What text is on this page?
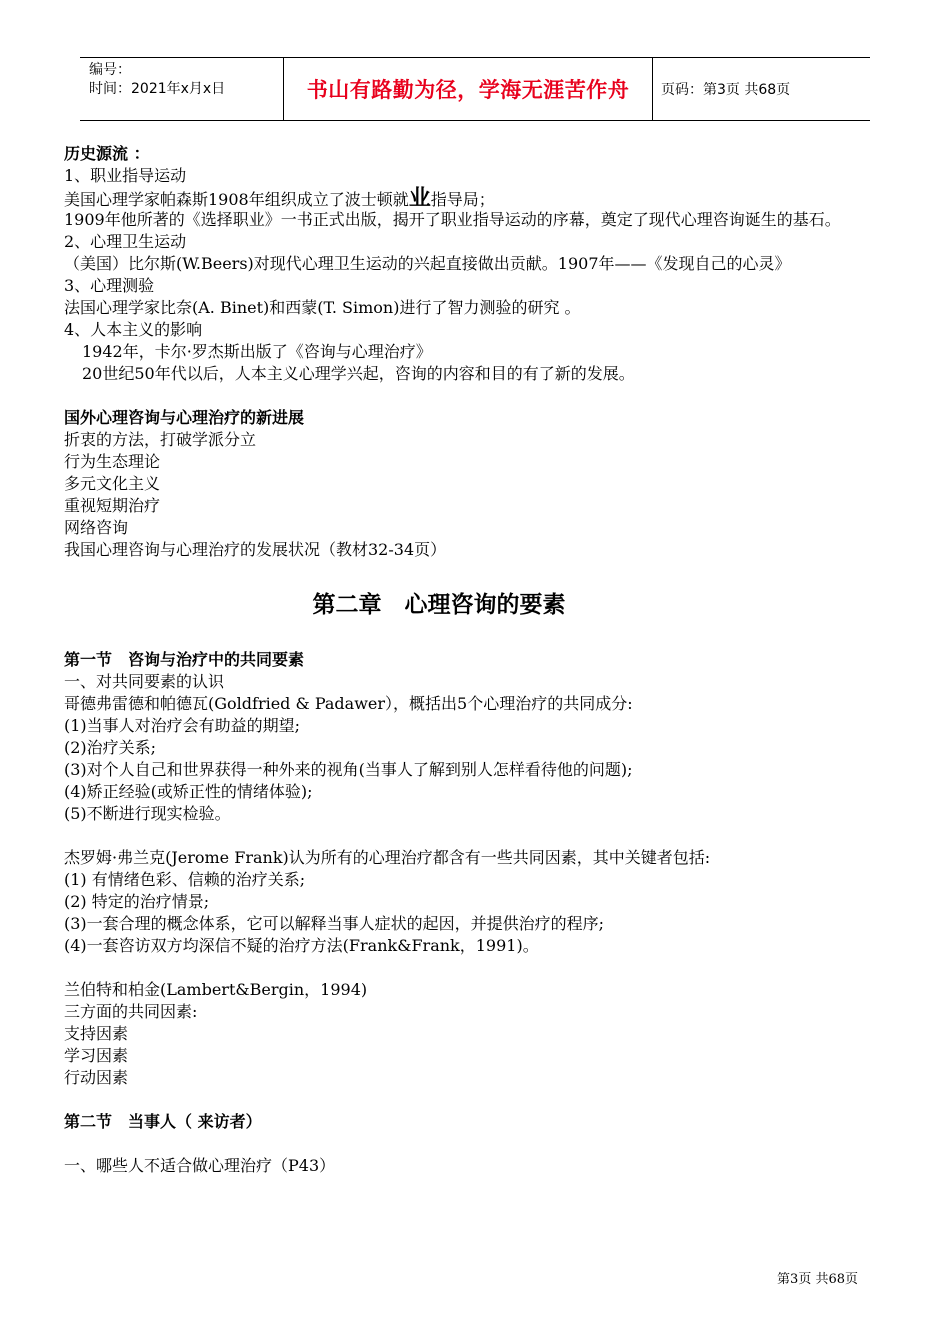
编号：
时间：2021年x月x日	书山有路勤为径，学海无涯苦作舟	页码：第3页 共68页
历史源流 ：
1、职业指导运动
美国心理学家帕森斯1908年组织成立了波士顿就业指导局；
1909年他所著的《选择职业》一书正式出版，揭开了职业指导运动的序幕，奠定了现代心理咨询诞生的基石。
2、心理卫生运动
（美国）比尔斯(W.Beers)对现代心理卫生运动的兴起直接做出贡献。1907年——《发现自己的心灵》
3、心理测验
法国心理学家比奈(A. Binet)和西蒙(T. Simon)进行了智力测验的研究 。
4、人本主义的影响
1942年，卡尔·罗杰斯出版了《咨询与心理治疗》
20世纪50年代以后，人本主义心理学兴起，咨询的内容和目的有了新的发展。
国外心理咨询与心理治疗的新进展
折衷的方法，打破学派分立
行为生态理论
多元文化主义
重视短期治疗
网络咨询
我国心理咨询与心理治疗的发展状况（教材32-34页）
第二章　心理咨询的要素
第一节　咨询与治疗中的共同要素
一、对共同要素的认识
哥德弗雷德和帕德瓦(Goldfried & Padawer），概括出5个心理治疗的共同成分:
(1)当事人对治疗会有助益的期望;
(2)治疗关系;
(3)对个人自己和世界获得一种外来的视角(当事人了解到别人怎样看待他的问题);
(4)矫正经验(或矫正性的情绪体验);
(5)不断进行现实检验。
杰罗姆·弗兰克(Jerome Frank)认为所有的心理治疗都含有一些共同因素，其中关键者包括:
(1) 有情绪色彩、信赖的治疗关系;
(2) 特定的治疗情景;
(3)一套合理的概念体系，它可以解释当事人症状的起因，并提供治疗的程序;
(4)一套咨访双方均深信不疑的治疗方法(Frank&Frank，1991)。
兰伯特和柏金(Lambert&Bergin，1994)
三方面的共同因素:
支持因素
学习因素
行动因素
第二节　当事人（ 来访者）
一、哪些人不适合做心理治疗（P43）
第3页 共68页
